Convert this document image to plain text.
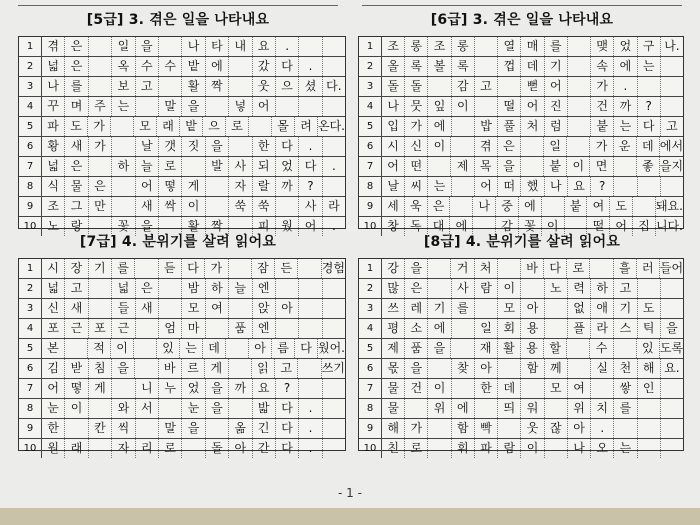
[5급] 3. 겪은 일을 나타내요	[6급] 3. 겪은 일을 나타내요
[7급] 4. 분위기를 살려 읽어요	[8급] 4. 분위기를 살려 읽어요
1	겪 은	일 을	나 타 내 요	.
2	넓 은	옥 수 수 밭 에	갔 다	.
3	나 를	보 고	활 짝	웃 으 셨 다.
4	꾸 며 주 는	말 을	넣 어
5	파 도 가	모 래 밭 으 로	몰 려 온다.
6	황 새 가	날 갯 짓 을	한 다	.
7	넓 은	하 늘 로	발 사 되 었 다	.
8	식 물 은	어 떻 게	자 랄 까	?
9	조 그 만	새 싹 이	쑥 쑥	사 라
10 노 랑	꽃 을	활 짝	피 웠 어	.
1	조 롱 조 롱	열 매 를	맺 었 구 나.
2	올 록 볼 록	껍 데 기	속 에 는
3	돌 돌	감 고	뻗 어	가	.
4	나 뭇 잎 이	떨 어 진	건 까	?
5	입 가 에	밥 풀 처 럼	붙 는 다 고
6	시 신 이	겪 은	일	가 운 데 에서
7	어 떤	제 목 을	붙 이 면	좋 을지
8	날 씨 는	어 떠 했 나 요	?
9	세 욱 은	나 중 에	붙 여 도	돼요.
10 창 독 대 에	감 꽃 이	떨 어 집 니다.
1	시 장 기 를	듣 다 가	잠 든	경험
2	넓 고	넓 은	밤 하 늘 엔
3	신 새	들 새	모 여	앉 아
4	포 근 포 근	엄 마	품 엔
5	본	적 이	있 는 데	아 름 다 웠어.
6	김 받 침 을	바 르 게	읽 고	쓰기
7	어 떻 게	니 누 었 을 까 요	?
8	눈 이	와 서	눈 을	밟 다	.
9	한	칸 씩	말 을	옮 긴 다	.
10 원 래	자 리 로	돌 아 간 다	.
1	강 을	거 처	바 다 로	흘 러 들어
2	많 은	사 람 이	노 력 하 고
3	쓰 레 기 를	모 아	없 애 기 도
4	평 소 에	일 회 용	플 라 스 틱 을
5	제 품 을	재 활 용 할	수	있 도록
6	몫 을	찾 아	함 께	실 천 해 요.
7	물 건 이	한 데	모 여	쌓 인
8	물	위 에	띄 워	위 치 를
9	해 가	함 빡	웃 잖 아	.
10 친 로	휘 파 람 이	나 오 는
- 1 -
